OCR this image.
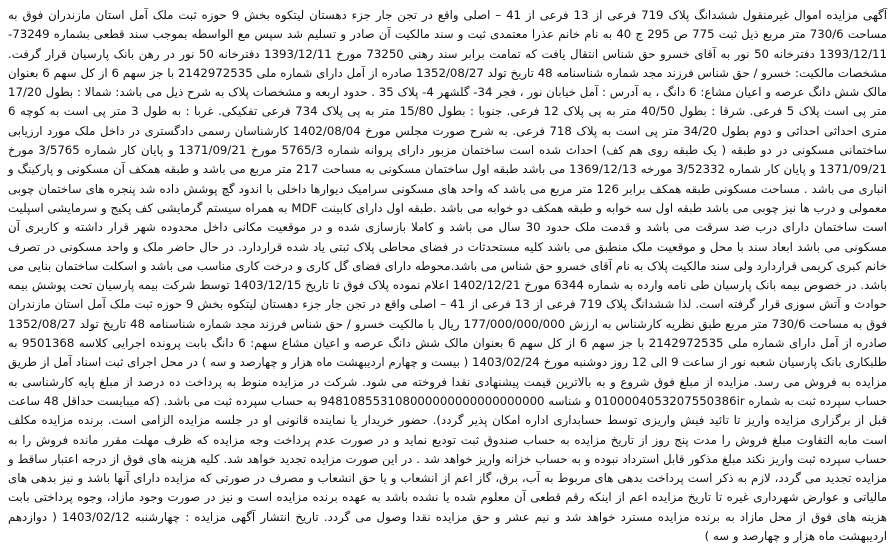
آگهی مزایده اموال غیرمنقول ششدانگ پلاک 719 فرعی از 13 فرعی از 41 – اصلی واقع در تجن جار جزء دهستان لیتکوه بخش 9 حوزه ثبت ملک آمل استان مازندران فوق به مساحت 730/6 متر مربع ذیل ثبت 775 ص 295 ج 40 به نام خانم عذرا معتمدی ثبت و سند مالکیت آن صادر و تسلیم شد سپس مع الواسطه بموجب سند قطعی بشماره 73249-1393/12/11 دفترخانه 50 نور به آقای خسرو حق شناس انتقال یافت که تمامت برابر سند رهنی 73250 مورخ 1393/12/11 دفترخانه 50 نور در رهن بانک پارسیان قرار گرفت. مشخصات مالکیت: خسرو / حق شناس فرزند مجد شماره شناسنامه 48 تاریخ تولد 1352/08/27 صادره از آمل دارای شماره ملی 2142972535 با جز سهم 6 از کل سهم 6 بعنوان مالک شش دانگ عرصه و اعیان مشاع: 6 دانگ ، به آدرس : آمل خیابان نور ، فجر 34- گلشهر 4- پلاک 35 . حدود اربعه و مشخصات پلاک به شرح ذیل می باشد: شمالا : بطول 17/20 متر پی است پلاک 5 فرعی. شرقا : بطول 40/50 متر به پی پلاک 12 فرعی. جنوبا : بطول 15/80 متر به پی پلاک 734 فرعی تفکیکی. غربا : به طول 3 متر پی است به کوچه 6 متری احداثی احداثی و دوم بطول 34/20 متر پی است به پلاک 718 فرعی. به شرح صورت مجلس مورخ 1402/08/04 کارشناسان رسمی دادگستری در داخل ملک مورد ارزیابی ساختمانی مسکونی در دو طبقه ( یک طبقه روی هم کف) احداث شده است ساختمان مزبور دارای پروانه شماره 5765/3 مورخ 1371/09/21 و پایان کار شماره 3/5765 مورخ 1371/09/21 و پایان کار شماره 3/52332 مورخه 1369/12/13 می باشد طبقه اول ساختمان مسکونی به مساحت 217 متر مربع می باشد و طبقه همکف آن مسکونی و پارکینگ و انباری می باشد . مساحت مسکونی طبقه همکف برابر 126 متر مربع می باشد که واحد های مسکونی سرامیک دیوارها داخلی با اندود گچ پوشش داده شد پنجره های ساختمان چوبی معمولی و درب ها نیز چوبی می باشد طبقه اول سه خوابه و طبقه همکف دو خوابه می باشد .طبقه اول دارای کابینت MDF به همراه سیستم گرمایشی کف پکیج و سرمایشی اسپلیت است ساختمان دارای درب ضد سرقت می باشد و قدمت ملک حدود 30 سال می باشد و کاملا بازسازی شده و در موقعیت مکانی داخل محدوده شهر قرار داشته و کاربری آن مسکونی می باشد ابعاد سند با محل و موقعیت ملک منطبق می باشد کلیه مستحدثات در فضای محاطی پلاک ثبتی یاد شده قراردارد. در حال حاضر ملک و واحد مسکونی در تصرف خانم کبری کریمی قراردارد ولی سند مالکیت پلاک به نام آقای خسرو حق شناس می باشد.محوطه دارای فضای گل کاری و درخت کاری مناسب می باشد و اسکلت ساختمان بنایی می باشد. در خصوص بیمه بانک پارسیان طی نامه وارده به شماره 6344 مورخ 1402/12/21 اعلام نموده پلاک فوق تا تاریخ 1403/12/15 توسط شرکت بیمه پارسیان تحت پوشش بیمه حوادث و آتش سوزی قرار گرفته است. لذا ششدانگ پلاک 719 فرعی از 13 فرعی از 41 – اصلی واقع در تجن جار جزء دهستان لیتکوه بخش 9 حوزه ثبت ملک آمل استان مازندران فوق به مساحت 730/6 متر مربع طبق نظریه کارشناس به ارزش 177/000/000/000 ریال با مالکیت خسرو / حق شناس فرزند مجد شماره شناسنامه 48 تاریخ تولد 1352/08/27 صادره از آمل دارای شماره ملی 2142972535 با جز سهم 6 از کل سهم 6 بعنوان مالک شش دانگ عرصه و اعیان مشاع سهم: 6 دانگ بابت پرونده اجرایی کلاسه 9501368 به طلبکاری بانک پارسیان شعبه نور از ساعت 9 الی 12 روز دوشنبه مورخ 1403/02/24 ( بیست و چهارم اردیبهشت ماه هزار و چهارصد و سه ) در محل اجرای ثبت اسناد آمل از طریق مزایده به فروش می رسد. مزایده از مبلغ فوق شروع و به بالاترین قیمت پیشنهادی نقدا فروخته می شود. شرکت در مزایده منوط به پرداخت ده درصد از مبلغ پایه کارشناسی به حساب سپرده ثبت به شماره 0100004053207550386ir و شناسه 948108553108000000000000000000 به حساب سپرده ثبت می باشد. (که میبایست حداقل 48 ساعت قبل از برگزاری مزایده واریز تا تائید فیش واریزی توسط حسابداری اداره امکان پذیر گردد). حضور خریدار یا نماینده قانونی او در جلسه مزایده الزامی است. برنده مزایده مکلف است مابه التفاوت مبلغ فروش را مدت پنج روز از تاریخ مزایده به حساب صندوق ثبت تودیع نماید و در صورت عدم پرداخت وجه مزایده که ظرف مهلت مقرر مانده فروش را به حساب سپرده ثبت واریز نکند مبلغ مذکور قابل استرداد نبوده و به حساب خزانه واریز خواهد شد . در این صورت مزایده تجدید خواهد شد. کلیه هزینه های فوق از درجه اعتبار ساقط و مزایده تجدید می گردد، لازم به ذکر است پرداخت بدهی های مربوط به آب، برق، گاز اعم از انشعاب و یا حق انشعاب و مصرف در صورتی که مزایده دارای آنها باشد و نیز بدهی های مالیاتی و عوارض شهرداری غیره تا تاریخ مزایده اعم از اینکه رقم قطعی آن معلوم شده یا نشده باشد به عهده برنده مزایده است و نیز در صورت وجود مازاد، وجوه پرداختی بابت هزینه های فوق از محل مازاد به برنده مزایده مسترد خواهد شد و نیم عشر و حق مزایده نقدا وصول می گردد. تاریخ انتشار آگهی مزایده : چهارشنبه 1403/02/12 ( دوازدهم اردیبهشت ماه هزار و چهارصد و سه )
